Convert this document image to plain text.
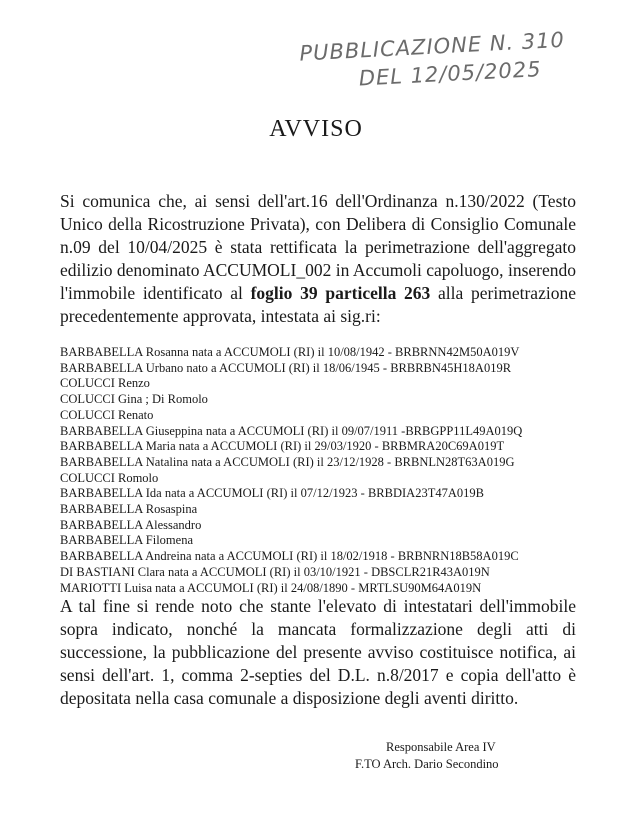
PUBBLICAZIONE N. 310
DEL 12/05/2025
AVVISO

Si comunica che, ai sensi dell'art.16 dell'Ordinanza n.130/2022 (Testo Unico della Ricostruzione Privata), con Delibera di Consiglio Comunale n.09 del 10/04/2025 è stata rettificata la perimetrazione dell'aggregato edilizio denominato ACCUMOLI_002 in Accumoli capoluogo, inserendo l'immobile identificato al foglio 39 particella 263 alla perimetrazione precedentemente approvata, intestata ai sig.ri:

BARBABELLA Rosanna nata a ACCUMOLI (RI) il 10/08/1942 - BRBRNN42M50A019V
BARBABELLA Urbano nato a ACCUMOLI (RI) il 18/06/1945 - BRBRBN45H18A019R
COLUCCI Renzo
COLUCCI Gina ; Di Romolo
COLUCCI Renato
BARBABELLA Giuseppina nata a ACCUMOLI (RI) il 09/07/1911 -BRBGPP11L49A019Q
BARBABELLA Maria nata a ACCUMOLI (RI) il 29/03/1920 - BRBMRA20C69A019T
BARBABELLA Natalina nata a ACCUMOLI (RI) il 23/12/1928 - BRBNLN28T63A019G
COLUCCI Romolo
BARBABELLA Ida nata a ACCUMOLI (RI) il 07/12/1923 - BRBDIA23T47A019B
BARBABELLA Rosaspina
BARBABELLA Alessandro
BARBABELLA Filomena
BARBABELLA Andreina nata a ACCUMOLI (RI) il 18/02/1918 - BRBNRN18B58A019C
DI BASTIANI Clara nata a ACCUMOLI (RI) il 03/10/1921 - DBSCLR21R43A019N
MARIOTTI Luisa nata a ACCUMOLI (RI) il 24/08/1890 - MRTLSU90M64A019N

A tal fine si rende noto che stante l'elevato di intestatari dell'immobile sopra indicato, nonché la mancata formalizzazione degli atti di successione, la pubblicazione del presente avviso costituisce notifica, ai sensi dell'art. 1, comma 2-septies del D.L. n.8/2017 e copia dell'atto è depositata nella casa comunale a disposizione degli aventi diritto.

Responsabile Area IV
F.TO Arch. Dario Secondino
